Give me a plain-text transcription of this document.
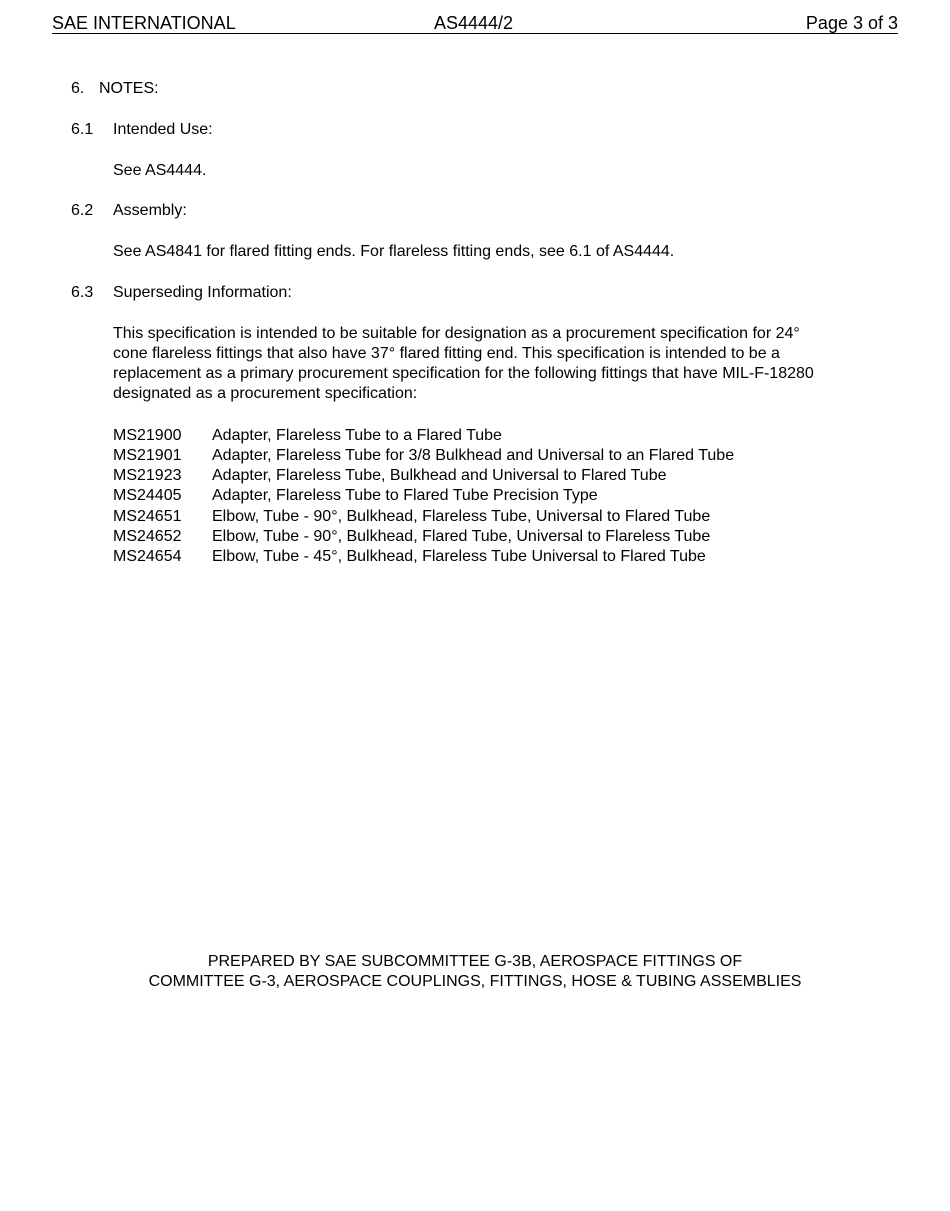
SAE INTERNATIONAL	AS4444/2	Page 3 of 3
6. NOTES:
6.1 Intended Use:
See AS4444.
6.2 Assembly:
See AS4841 for flared fitting ends. For flareless fitting ends, see 6.1 of AS4444.
6.3 Superseding Information:
This specification is intended to be suitable for designation as a procurement specification for 24°
cone flareless fittings that also have 37° flared fitting end. This specification is intended to be a
replacement as a primary procurement specification for the following fittings that have MIL-F-18280
designated as a procurement specification:
MS21900 Adapter, Flareless Tube to a Flared Tube
MS21901 Adapter, Flareless Tube for 3/8 Bulkhead and Universal to an Flared Tube
MS21923 Adapter, Flareless Tube, Bulkhead and Universal to Flared Tube
MS24405 Adapter, Flareless Tube to Flared Tube Precision Type
MS24651 Elbow, Tube - 90°, Bulkhead, Flareless Tube, Universal to Flared Tube
MS24652 Elbow, Tube - 90°, Bulkhead, Flared Tube, Universal to Flareless Tube
MS24654 Elbow, Tube - 45°, Bulkhead, Flareless Tube Universal to Flared Tube
PREPARED BY SAE SUBCOMMITTEE G-3B, AEROSPACE FITTINGS OF
COMMITTEE G-3, AEROSPACE COUPLINGS, FITTINGS, HOSE & TUBING ASSEMBLIES
